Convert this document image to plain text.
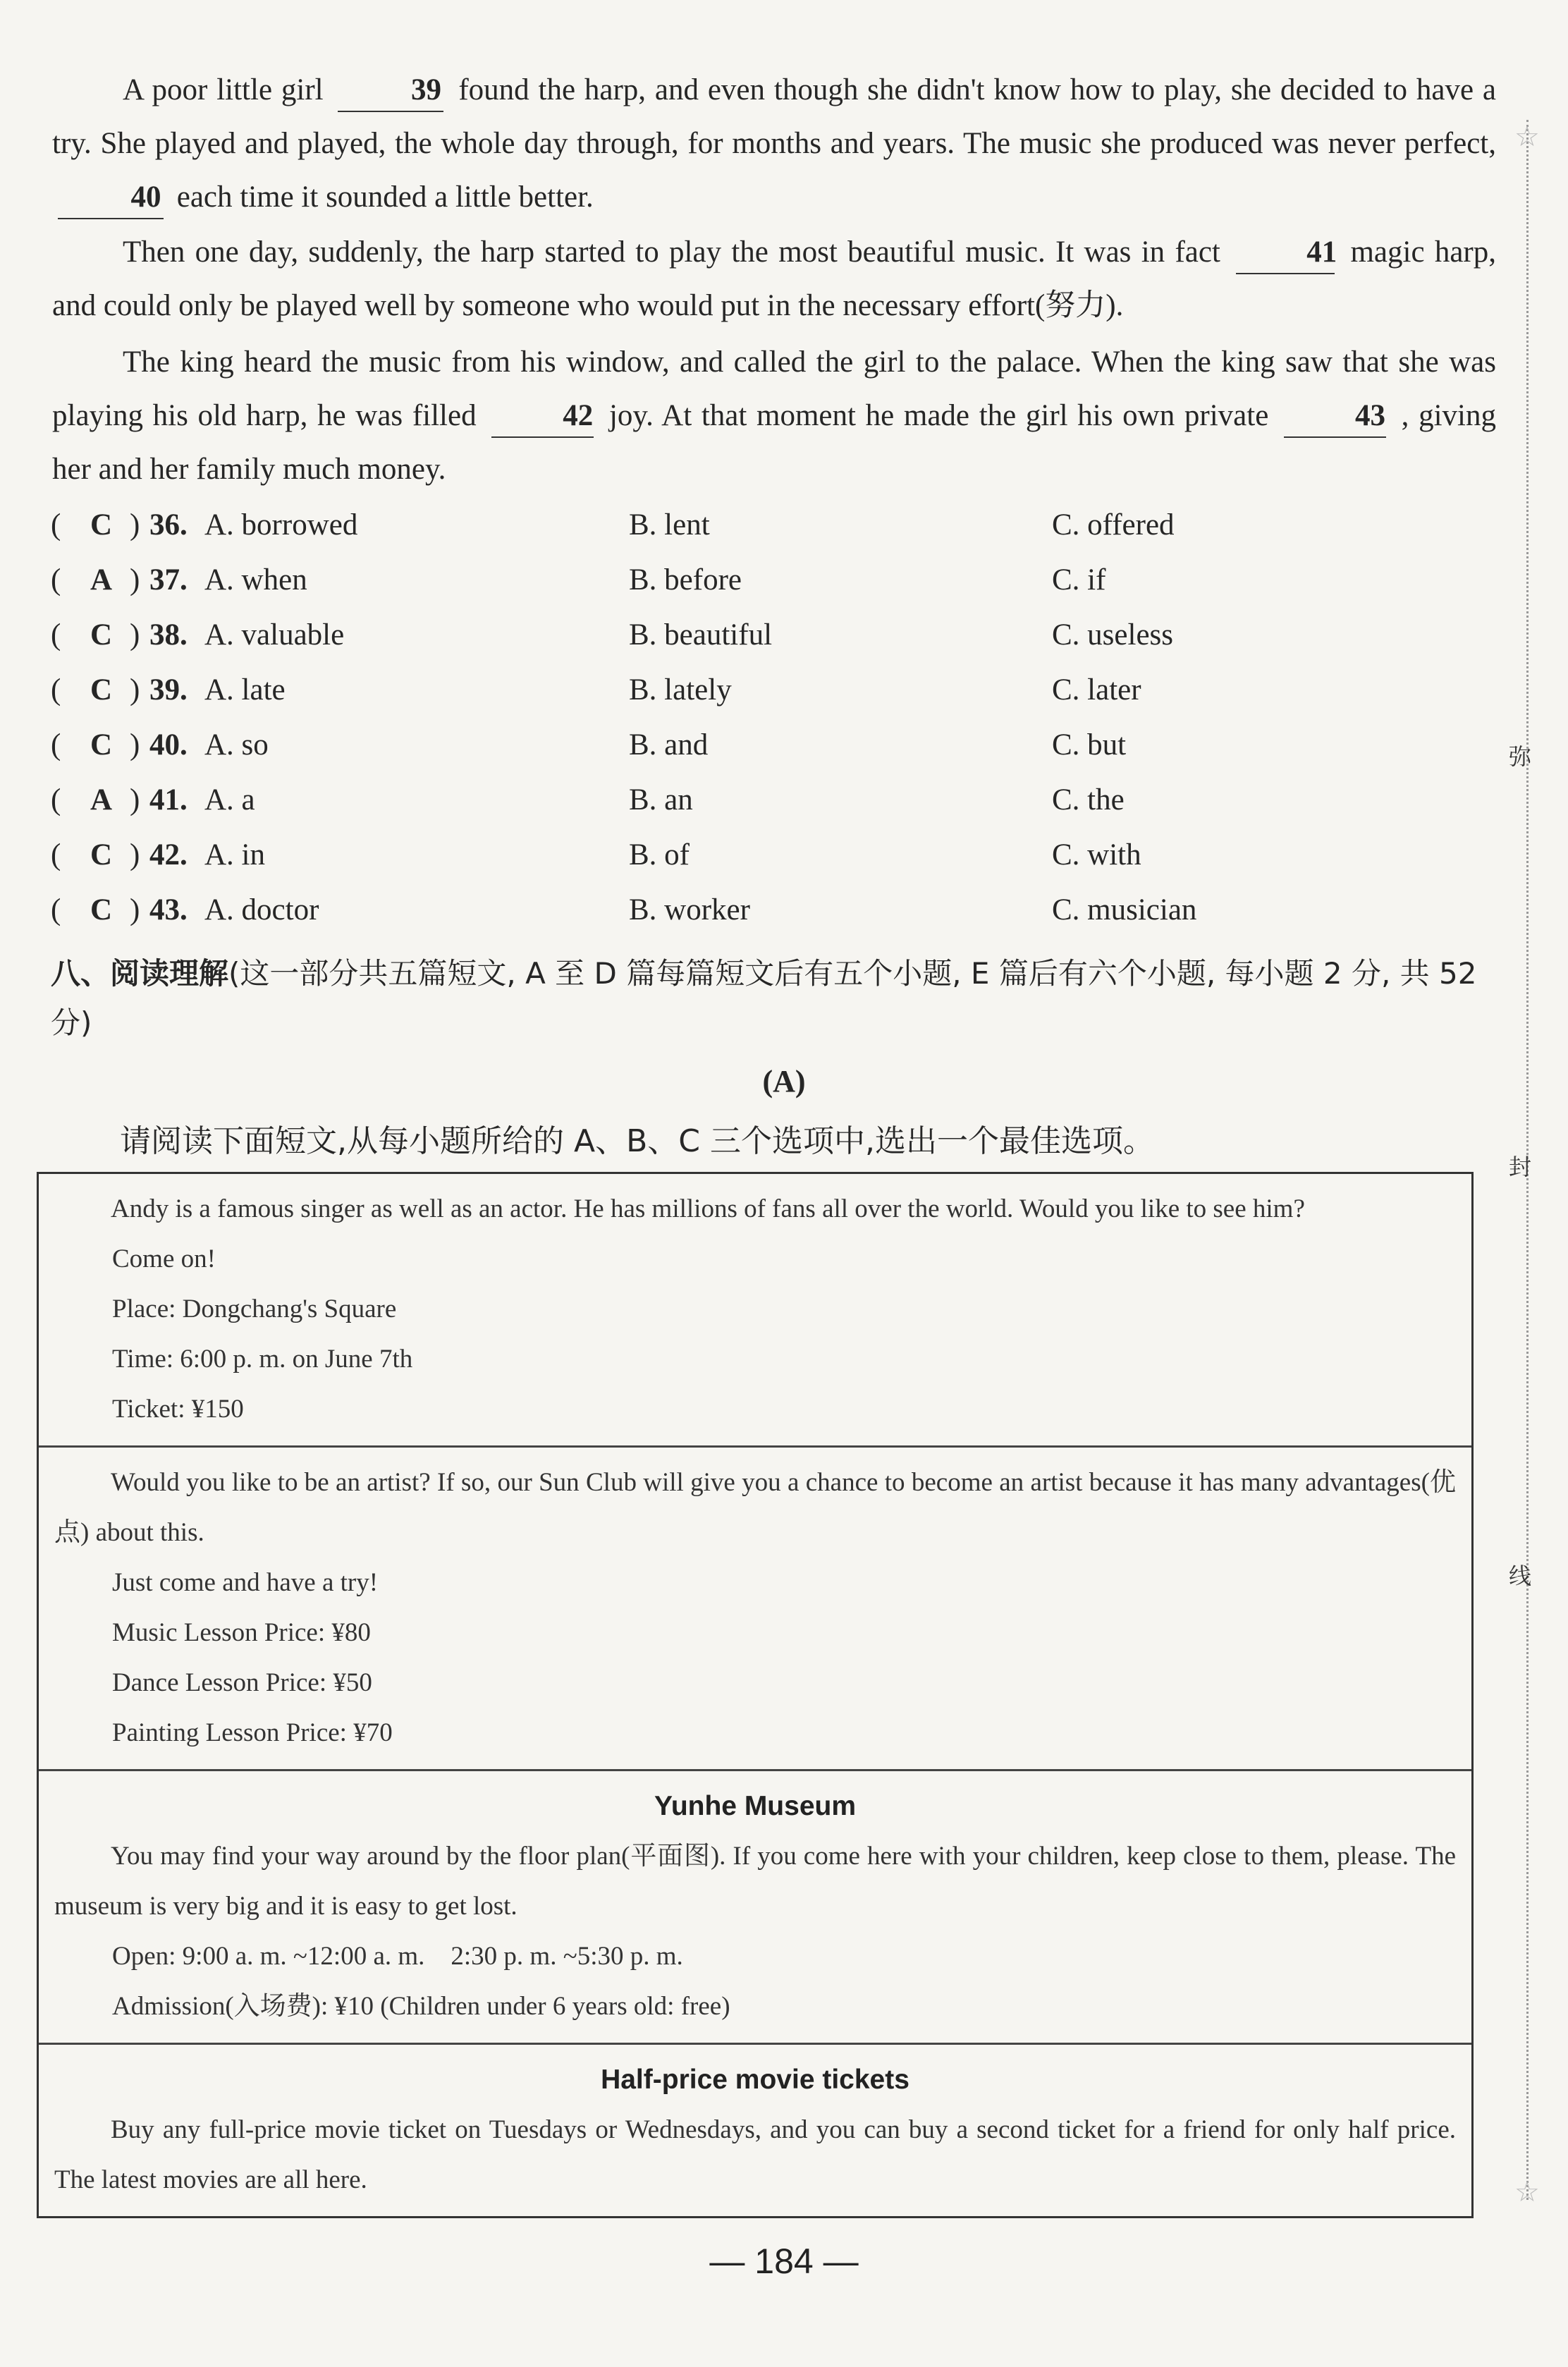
A poor little girl	39 found the harp, and even though she didn't know how to play, she decided to have a try. She played and played, the whole day through, for months and years. The music she produced was never perfect, 40 each time it sounded a little better.
Then one day, suddenly, the harp started to play the most beautiful music. It was in fact	41 magic harp, and could only be played well by someone who would put in the necessary effort(努力).
The king heard the music from his window, and called the girl to the palace. When the king saw that she was playing his old harp, he was filled	42 joy. At that moment he made the girl his own private	43 , giving her and her family much money.
( C ) 36. A. borrowed	B. lent	C. offered
( A ) 37. A. when	B. before	C. if
( C ) 38. A. valuable	B. beautiful	C. useless
( C ) 39. A. late	B. lately	C. later
( C ) 40. A. so	B. and	C. but
( A ) 41. A. a	B. an	C. the
( C ) 42. A. in	B. of	C. with
( C ) 43. A. doctor	B. worker	C. musician
八、阅读理解(这一部分共五篇短文, A 至 D 篇每篇短文后有五个小题, E 篇后有六个小题, 每小题 2 分, 共 52 分)
(A)
请阅读下面短文,从每小题所给的 A、B、C 三个选项中,选出一个最佳选项。
Andy is a famous singer as well as an actor. He has millions of fans all over the world. Would you like to see him?
Come on!
Place: Dongchang's Square
Time: 6:00 p. m. on June 7th
Ticket: ¥150
Would you like to be an artist? If so, our Sun Club will give you a chance to become an artist because it has many advantages(优点) about this.
Just come and have a try!
Music Lesson Price: ¥80
Dance Lesson Price: ¥50
Painting Lesson Price: ¥70
Yunhe Museum
You may find your way around by the floor plan(平面图). If you come here with your children, keep close to them, please. The museum is very big and it is easy to get lost.
Open: 9:00 a. m. ~12:00 a. m.    2:30 p. m. ~5:30 p. m.
Admission(入场费): ¥10 (Children under 6 years old: free)
Half-price movie tickets
Buy any full-price movie ticket on Tuesdays or Wednesdays, and you can buy a second ticket for a friend for only half price. The latest movies are all here.
☆
☆
弥
封
线
— 184 —
